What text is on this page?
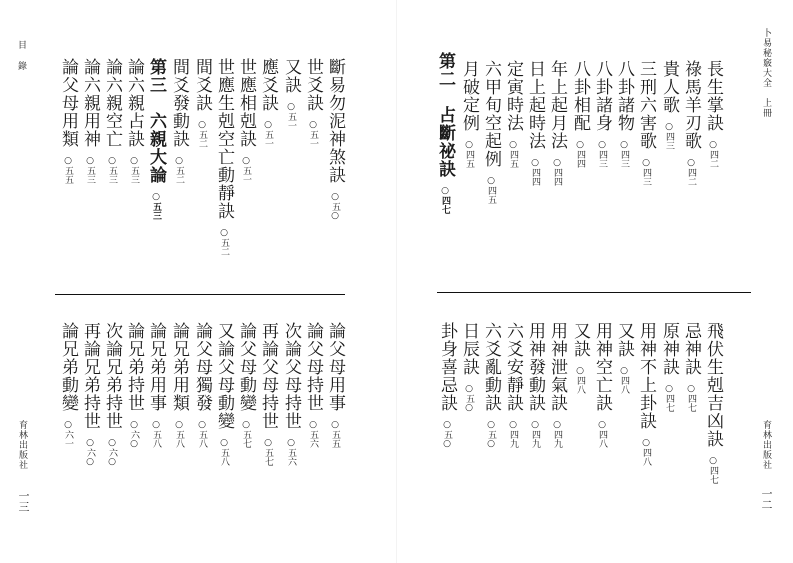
目 錄
斷易勿泥神煞訣○五○
世爻訣○五一
又訣○五一
應爻訣○五一
世應相剋訣○五一
世應生剋空亡動靜訣○五二
間爻訣○五二
間爻發動訣○五二
第三　六親大論○五三
論六親占訣○五三
論六親空亡○五三
論六親用神○五三
論父母用類○五五
論父母用事○五五
論父母持世○五六
次論父母持世○五六
再論父母持世○五七
論父母動變○五七
又論父母動變○五八
論父母獨發○五八
論兄弟用類○五八
論兄弟用事○五八
論兄弟持世○六○
次論兄弟持世○六○
再論兄弟持世○六○
論兄弟動變○六一
育林出版社
一三
卜易秘竅大全　上冊
長生掌訣○四二
祿馬羊刃歌○四二
貴人歌○四三
三刑六害歌○四三
八卦諸物○四三
八卦諸身○四三
八卦相配○四四
年上起月法○四四
日上起時法○四四
定寅時法○四五
六甲旬空起例○四五
月破定例○四五
第二　占斷祕訣○四七
飛伏生剋吉凶訣○四七
忌神訣○四七
原神訣○四七
用神不上卦訣○四八
又訣○四八
用神空亡訣○四八
又訣○四八
用神泄氣訣○四九
用神發動訣○四九
六爻安靜訣○四九
六爻亂動訣○五○
日辰訣○五○
卦身喜忌訣○五○	育林出版社
一二
